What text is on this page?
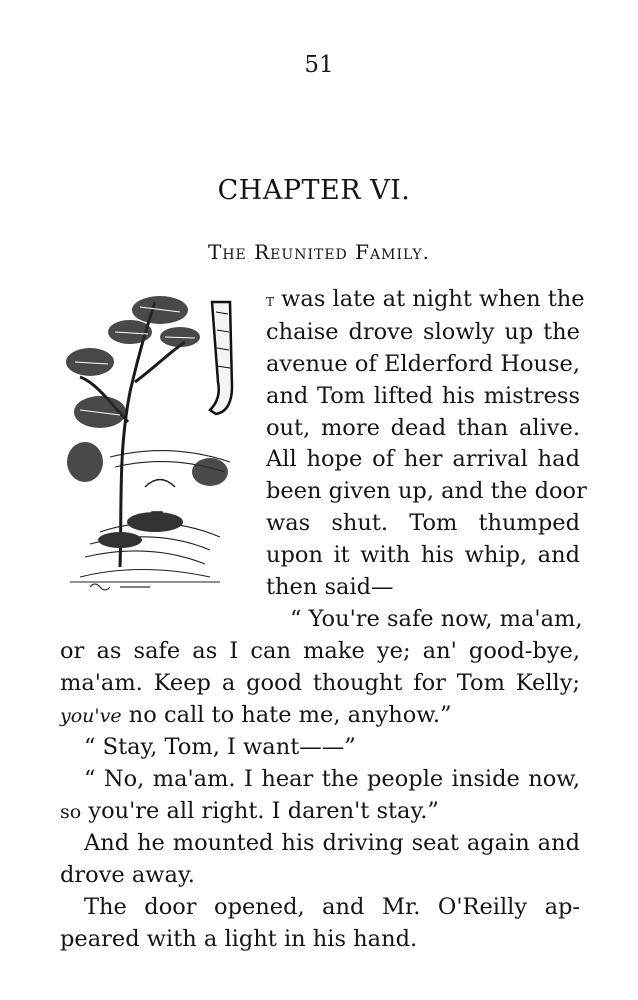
51
CHAPTER VI.
The Reunited Family.
t was late at night when the
chaise drove slowly up the
avenue of Elderford House,
and Tom lifted his mistress
out, more dead than alive.
All hope of her arrival had
been given up, and the door
was shut. Tom thumped
upon it with his whip, and
then said—
“ You're safe now, ma'am,
or as safe as I can make ye; an' good-bye,
ma'am. Keep a good thought for Tom Kelly;
you've no call to hate me, anyhow.”
“ Stay, Tom, I want——”
“ No, ma'am. I hear the people inside now,
so you're all right. I daren't stay.”
And he mounted his driving seat again and
drove away.
The door opened, and Mr. O'Reilly ap-
peared with a light in his hand.
